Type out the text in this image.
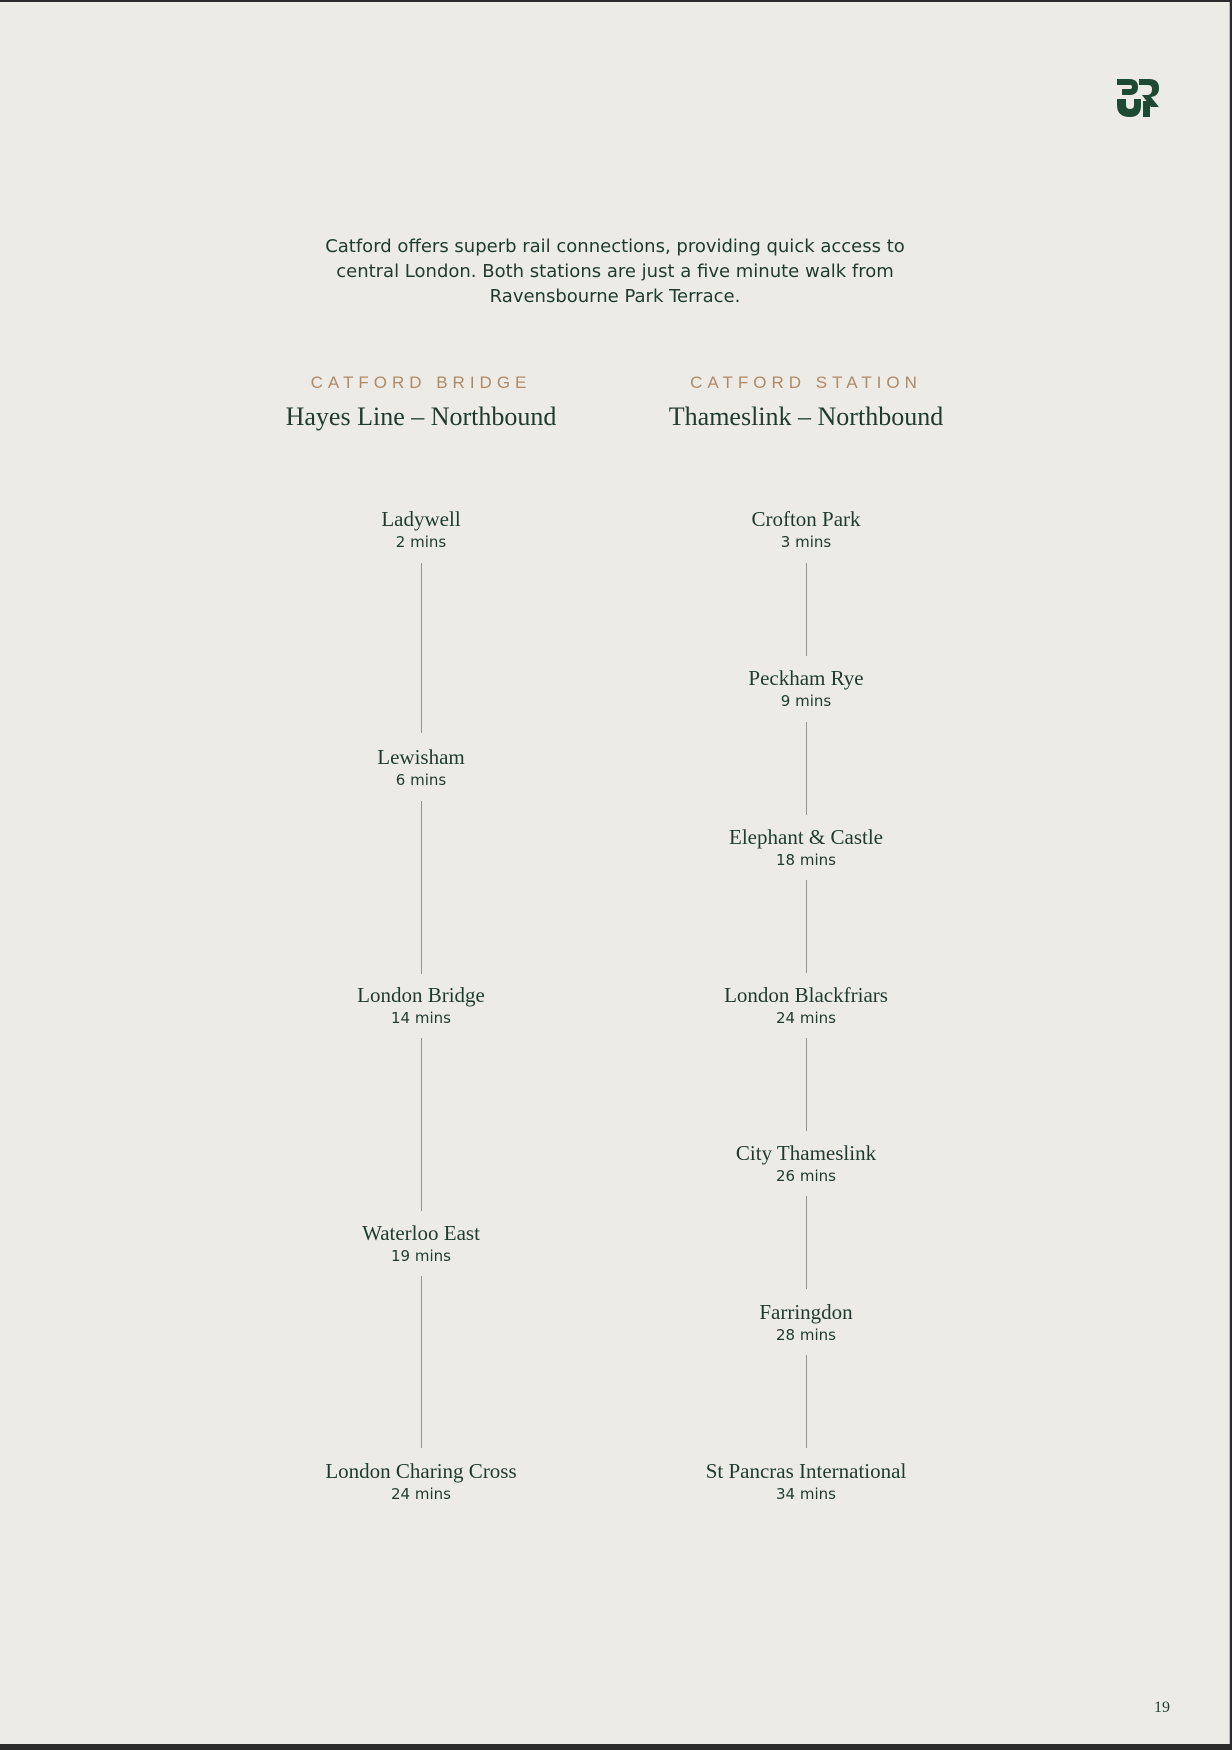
Catford offers superb rail connections, providing quick access to central London. Both stations are just a five minute walk from Ravensbourne Park Terrace.
CATFORD BRIDGE
Hayes Line – Northbound
CATFORD STATION
Thameslink – Northbound
Ladywell
2 mins
Lewisham
6 mins
London Bridge
14 mins
Waterloo East
19 mins
London Charing Cross
24 mins
Crofton Park
3 mins
Peckham Rye
9 mins
Elephant & Castle
18 mins
London Blackfriars
24 mins
City Thameslink
26 mins
Farringdon
28 mins
St Pancras International
34 mins
19
